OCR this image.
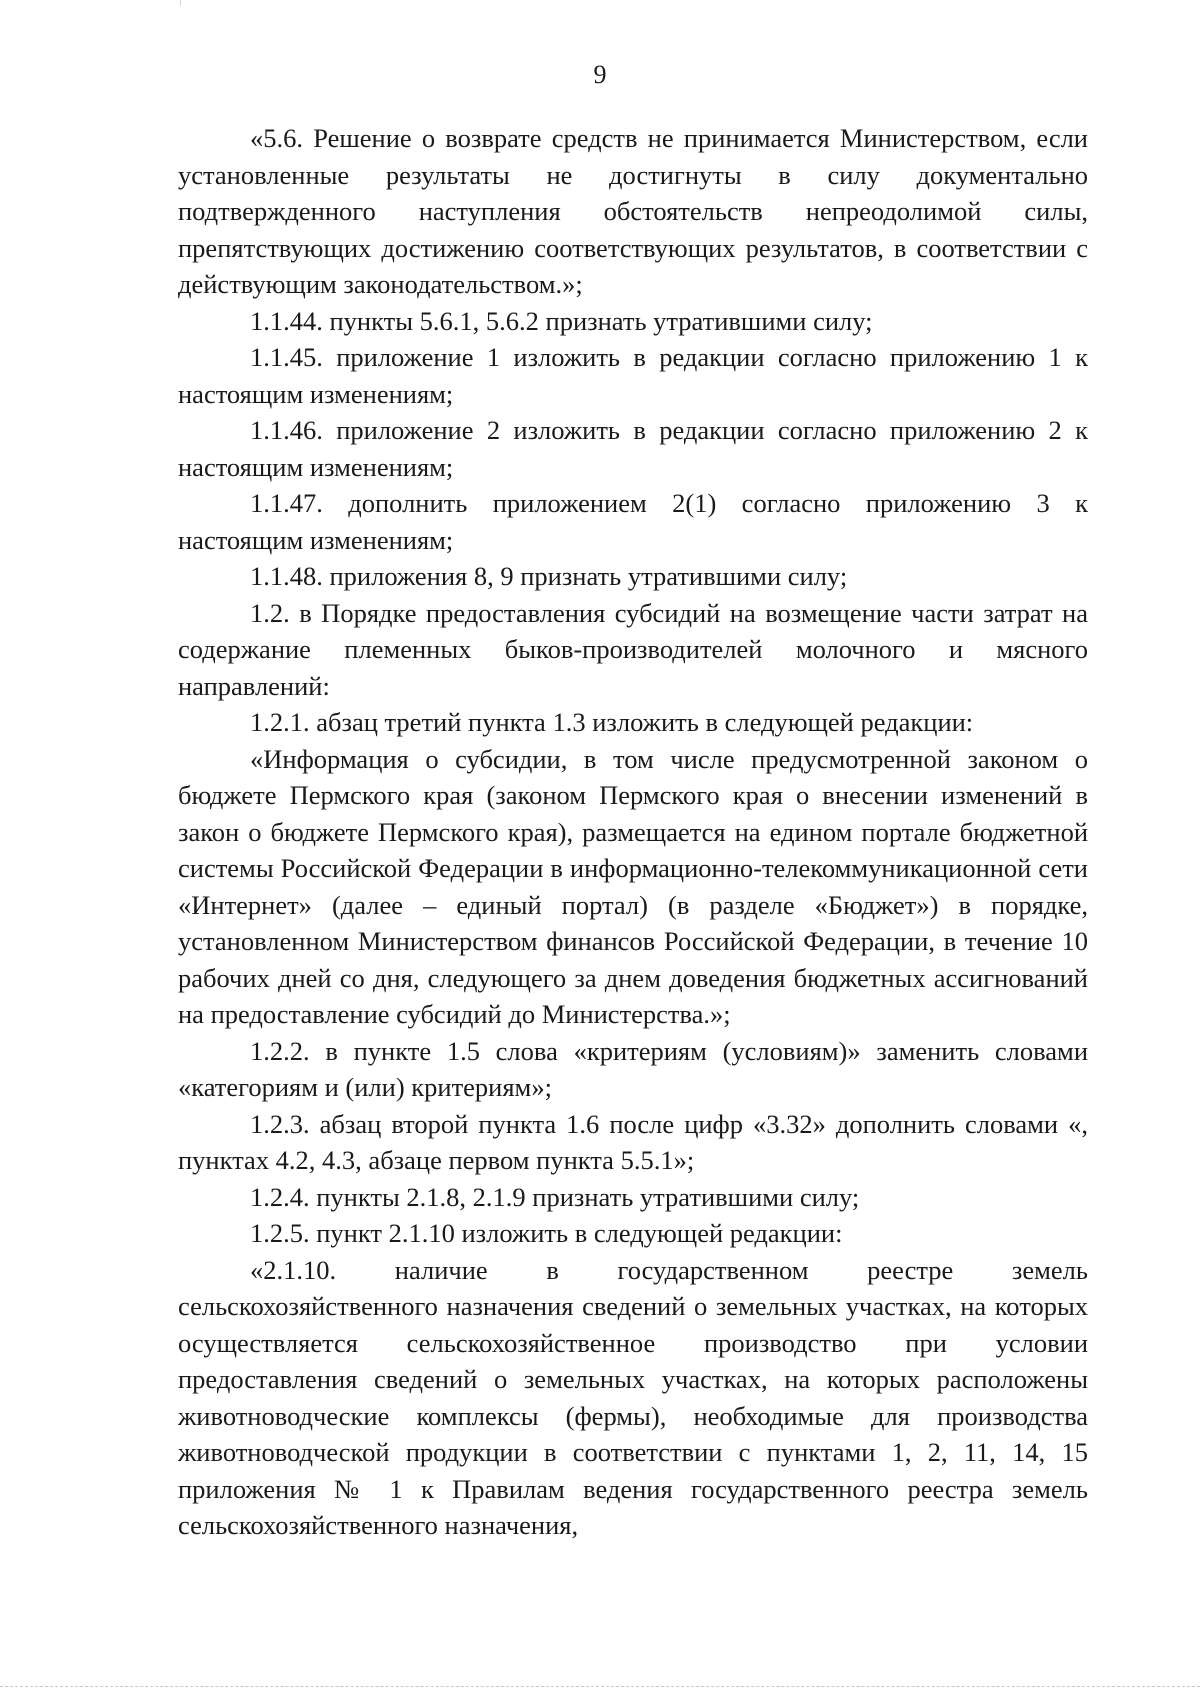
9

«5.6. Решение о возврате средств не принимается Министерством, если установленные результаты не достигнуты в силу документально подтвержденного наступления обстоятельств непреодолимой силы, препятствующих достижению соответствующих результатов, в соответствии с действующим законодательством.»;

1.1.44. пункты 5.6.1, 5.6.2 признать утратившими силу;

1.1.45. приложение 1 изложить в редакции согласно приложению 1 к настоящим изменениям;

1.1.46. приложение 2 изложить в редакции согласно приложению 2 к настоящим изменениям;

1.1.47. дополнить приложением 2(1) согласно приложению 3 к настоящим изменениям;

1.1.48. приложения 8, 9 признать утратившими силу;

1.2. в Порядке предоставления субсидий на возмещение части затрат на содержание племенных быков-производителей молочного и мясного направлений:

1.2.1. абзац третий пункта 1.3 изложить в следующей редакции:

«Информация о субсидии, в том числе предусмотренной законом о бюджете Пермского края (законом Пермского края о внесении изменений в закон о бюджете Пермского края), размещается на едином портале бюджетной системы Российской Федерации в информационно-телекоммуникационной сети «Интернет» (далее – единый портал) (в разделе «Бюджет») в порядке, установленном Министерством финансов Российской Федерации, в течение 10 рабочих дней со дня, следующего за днем доведения бюджетных ассигнований на предоставление субсидий до Министерства.»;

1.2.2. в пункте 1.5 слова «критериям (условиям)» заменить словами «категориям и (или) критериям»;

1.2.3. абзац второй пункта 1.6 после цифр «3.32» дополнить словами «, пунктах 4.2, 4.3, абзаце первом пункта 5.5.1»;

1.2.4. пункты 2.1.8, 2.1.9 признать утратившими силу;

1.2.5. пункт 2.1.10 изложить в следующей редакции:

«2.1.10. наличие в государственном реестре земель сельскохозяйственного назначения сведений о земельных участках, на которых осуществляется сельскохозяйственное производство при условии предоставления сведений о земельных участках, на которых расположены животноводческие комплексы (фермы), необходимые для производства животноводческой продукции в соответствии с пунктами 1, 2, 11, 14, 15 приложения № 1 к Правилам ведения государственного реестра земель сельскохозяйственного назначения,
